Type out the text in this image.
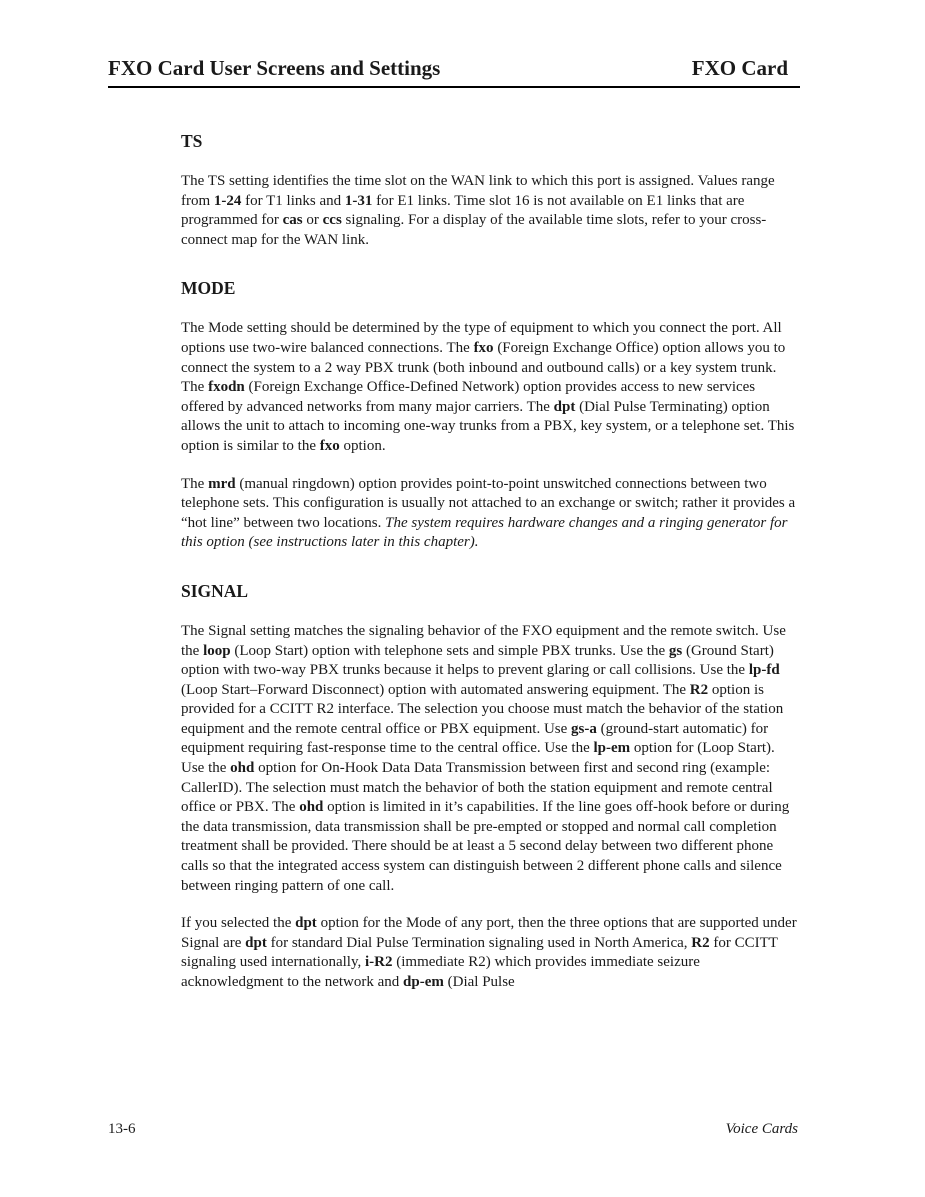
FXO Card User Screens and Settings	FXO Card
TS

The TS setting identifies the time slot on the WAN link to which this port is assigned. Values range from 1-24 for T1 links and 1-31 for E1 links. Time slot 16 is not available on E1 links that are programmed for cas or ccs signaling. For a display of the available time slots, refer to your cross-connect map for the WAN link.

MODE

The Mode setting should be determined by the type of equipment to which you connect the port. All options use two-wire balanced connections. The fxo (Foreign Exchange Office) option allows you to connect the system to a 2 way PBX trunk (both inbound and outbound calls) or a key system trunk. The fxodn (Foreign Exchange Office-Defined Network) option provides access to new services offered by advanced networks from many major carriers. The dpt (Dial Pulse Terminating) option allows the unit to attach to incoming one-way trunks from a PBX, key system, or a telephone set. This option is similar to the fxo option.

The mrd (manual ringdown) option provides point-to-point unswitched connections between two telephone sets. This configuration is usually not attached to an exchange or switch; rather it provides a “hot line” between two locations. The system requires hardware changes and a ringing generator for this option (see instructions later in this chapter).

SIGNAL

The Signal setting matches the signaling behavior of the FXO equipment and the remote switch. Use the loop (Loop Start) option with telephone sets and simple PBX trunks. Use the gs (Ground Start) option with two-way PBX trunks because it helps to prevent glaring or call collisions. Use the lp-fd (Loop Start–Forward Disconnect) option with automated answering equipment. The R2 option is provided for a CCITT R2 interface. The selection you choose must match the behavior of the station equipment and the remote central office or PBX equipment. Use gs-a (ground-start automatic) for equipment requiring fast-response time to the central office. Use the lp-em option for (Loop Start). Use the ohd option for On-Hook Data Data Transmission between first and second ring (example: CallerID). The selection must match the behavior of both the station equipment and remote central office or PBX. The ohd option is limited in it’s capabilities. If the line goes off-hook before or during the data transmission, data transmission shall be pre-empted or stopped and normal call completion treatment shall be provided. There should be at least a 5 second delay between two different phone calls so that the integrated access system can distinguish between 2 different phone calls and silence between ringing pattern of one call.

If you selected the dpt option for the Mode of any port, then the three options that are supported under Signal are dpt for standard Dial Pulse Termination signaling used in North America, R2 for CCITT signaling used internationally, i-R2 (immediate R2) which provides immediate seizure acknowledgment to the network and dp-em (Dial Pulse

13-6	Voice Cards
